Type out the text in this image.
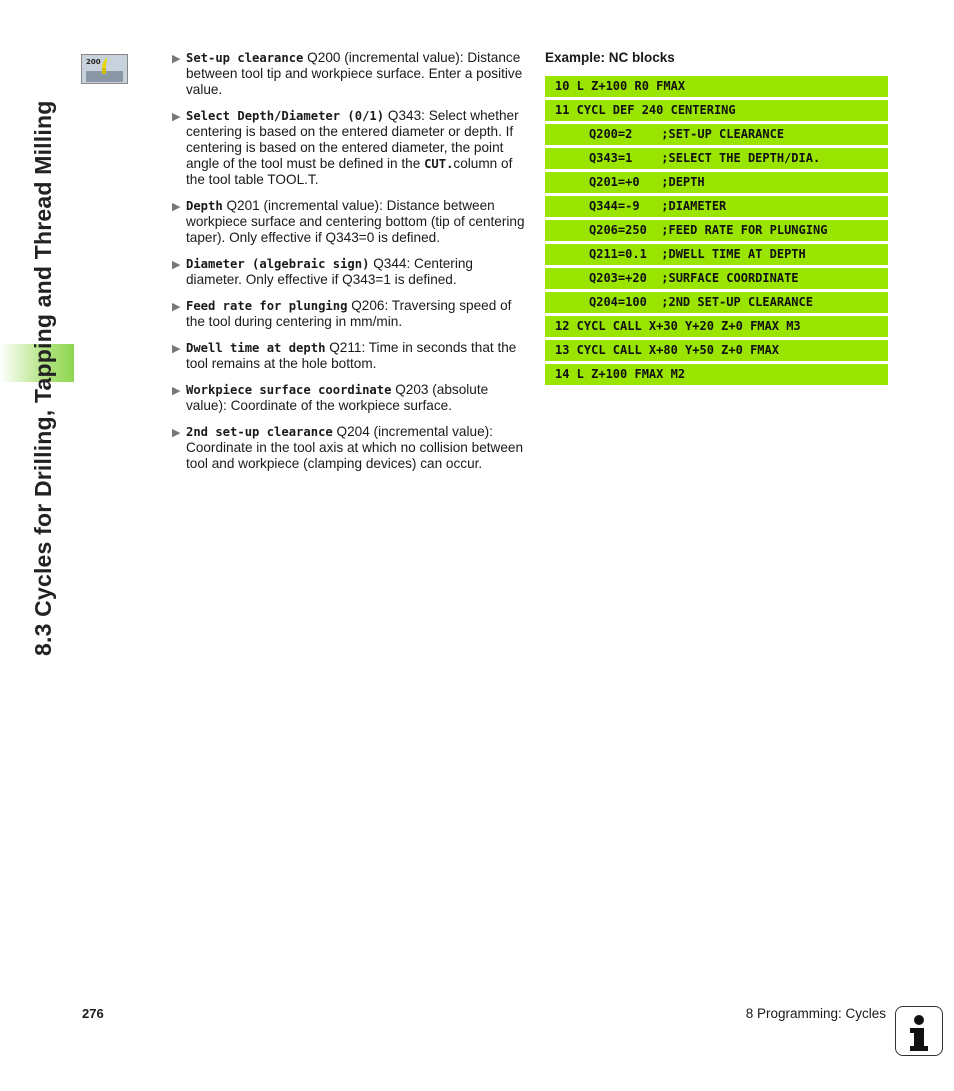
8.3 Cycles for Drilling, Tapping and Thread Milling
200	▶ Set-up clearance Q200 (incremental value): Distance between tool tip and workpiece surface. Enter a positive value.
▶ Select Depth/Diameter (0/1) Q343: Select whether centering is based on the entered diameter or depth. If centering is based on the entered diameter, the point angle of the tool must be defined in the CUT.column of the tool table TOOL.T.
▶ Depth Q201 (incremental value): Distance between workpiece surface and centering bottom (tip of centering taper). Only effective if Q343=0 is defined.
▶ Diameter (algebraic sign) Q344: Centering diameter. Only effective if Q343=1 is defined.
▶ Feed rate for plunging Q206: Traversing speed of the tool during centering in mm/min.
▶ Dwell time at depth Q211: Time in seconds that the tool remains at the hole bottom.
▶ Workpiece surface coordinate Q203 (absolute value): Coordinate of the workpiece surface.
▶ 2nd set-up clearance Q204 (incremental value): Coordinate in the tool axis at which no collision between tool and workpiece (clamping devices) can occur.
Example: NC blocks
10 L Z+100 R0 FMAX
11 CYCL DEF 240 CENTERING
Q200=2    ;SET-UP CLEARANCE
Q343=1    ;SELECT THE DEPTH/DIA.
Q201=+0   ;DEPTH
Q344=-9   ;DIAMETER
Q206=250  ;FEED RATE FOR PLUNGING
Q211=0.1  ;DWELL TIME AT DEPTH
Q203=+20  ;SURFACE COORDINATE
Q204=100  ;2ND SET-UP CLEARANCE
12 CYCL CALL X+30 Y+20 Z+0 FMAX M3
13 CYCL CALL X+80 Y+50 Z+0 FMAX
14 L Z+100 FMAX M2
276	8 Programming: Cycles
